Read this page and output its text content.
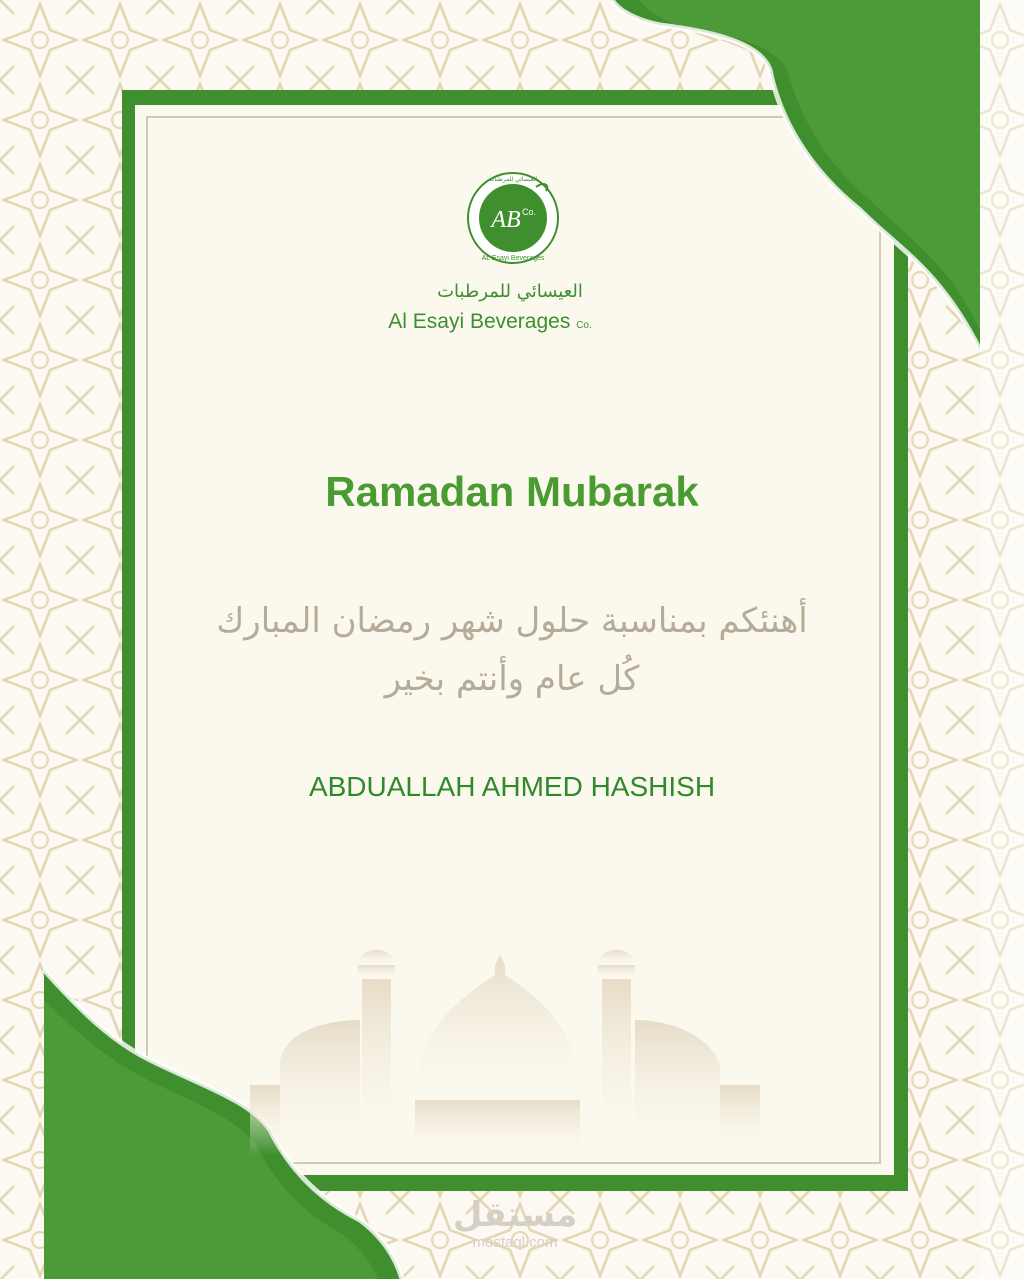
AB Co.
AL Esayi Beverages
العيسائي للمرطبات
العيسائي للمرطبات
Al Esayi Beverages Co.
Ramadan Mubarak
أهنئكم بمناسبة حلول شهر رمضان المبارك
كُل عام وأنتم بخير
ABDUALLAH AHMED HASHISH
مستقل
mostaql.com
